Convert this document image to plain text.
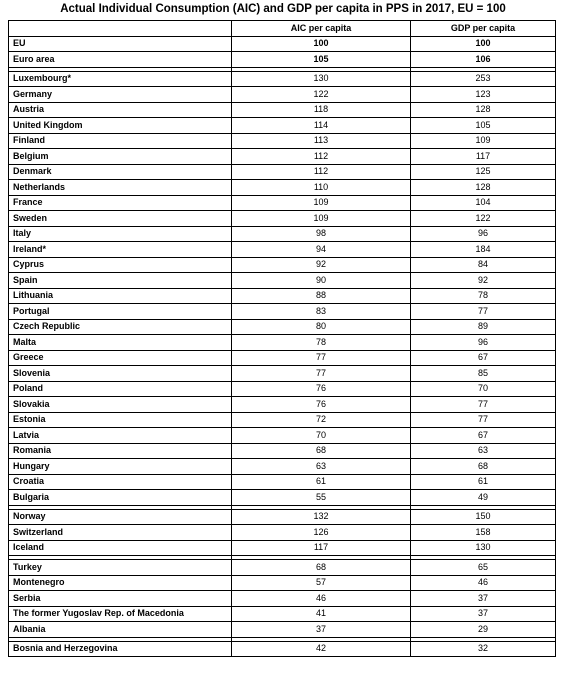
Actual Individual Consumption (AIC) and GDP per capita in PPS in 2017, EU = 100
	AIC per capita	GDP per capita
EU	100	100
Euro area	105	106

Luxembourg*	130	253
Germany	122	123
Austria	118	128
United Kingdom	114	105
Finland	113	109
Belgium	112	117
Denmark	112	125
Netherlands	110	128
France	109	104
Sweden	109	122
Italy	98	96
Ireland*	94	184
Cyprus	92	84
Spain	90	92
Lithuania	88	78
Portugal	83	77
Czech Republic	80	89
Malta	78	96
Greece	77	67
Slovenia	77	85
Poland	76	70
Slovakia	76	77
Estonia	72	77
Latvia	70	67
Romania	68	63
Hungary	63	68
Croatia	61	61
Bulgaria	55	49

Norway	132	150
Switzerland	126	158
Iceland	117	130

Turkey	68	65
Montenegro	57	46
Serbia	46	37
The former Yugoslav Rep. of Macedonia	41	37
Albania	37	29

Bosnia and Herzegovina	42	32
